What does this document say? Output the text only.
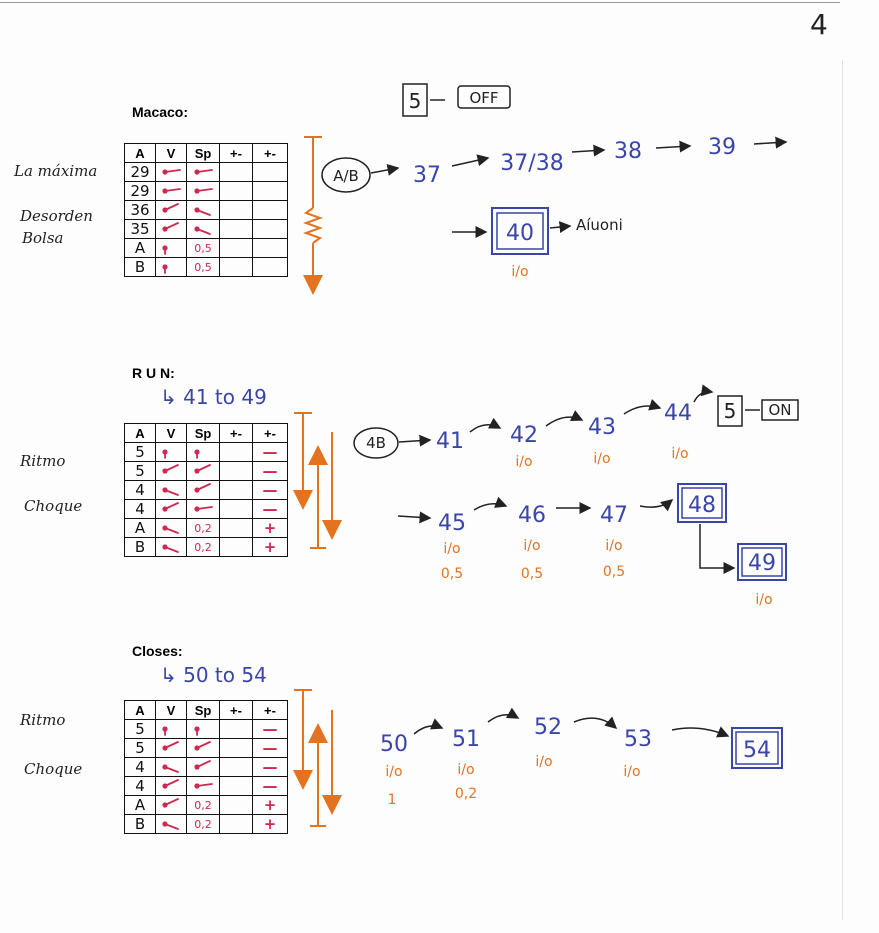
4
Macaco:
La máxima
Desorden
Bolsa
A	V	Sp	+-	+-
29				
29				
36				
35				
A		0,5		
B		0,5		
R U N:
↳ 41 to 49
Ritmo
Choque
A	V	Sp	+-	+-
5				—
5				—
4				—
4				—
A		0,2		+
B		0,2		+
Closes:
↳ 50 to 54
Ritmo
Choque
A	V	Sp	+-	+-
5				—
5				—
4				—
4				—
A		0,2		+
B		0,2		+
5	OFF
A/B 37	37/38 38	39
40	Aíuoni
i/o
5 ON
4B 41 42
i/o
43
i/o
44
i/o
45
i/o
0,5
46
i/o
0,5
47
i/o
0,5
48
49
i/o
50
i/o
1
51
i/o
0,2
52
i/o
53
i/o
54
